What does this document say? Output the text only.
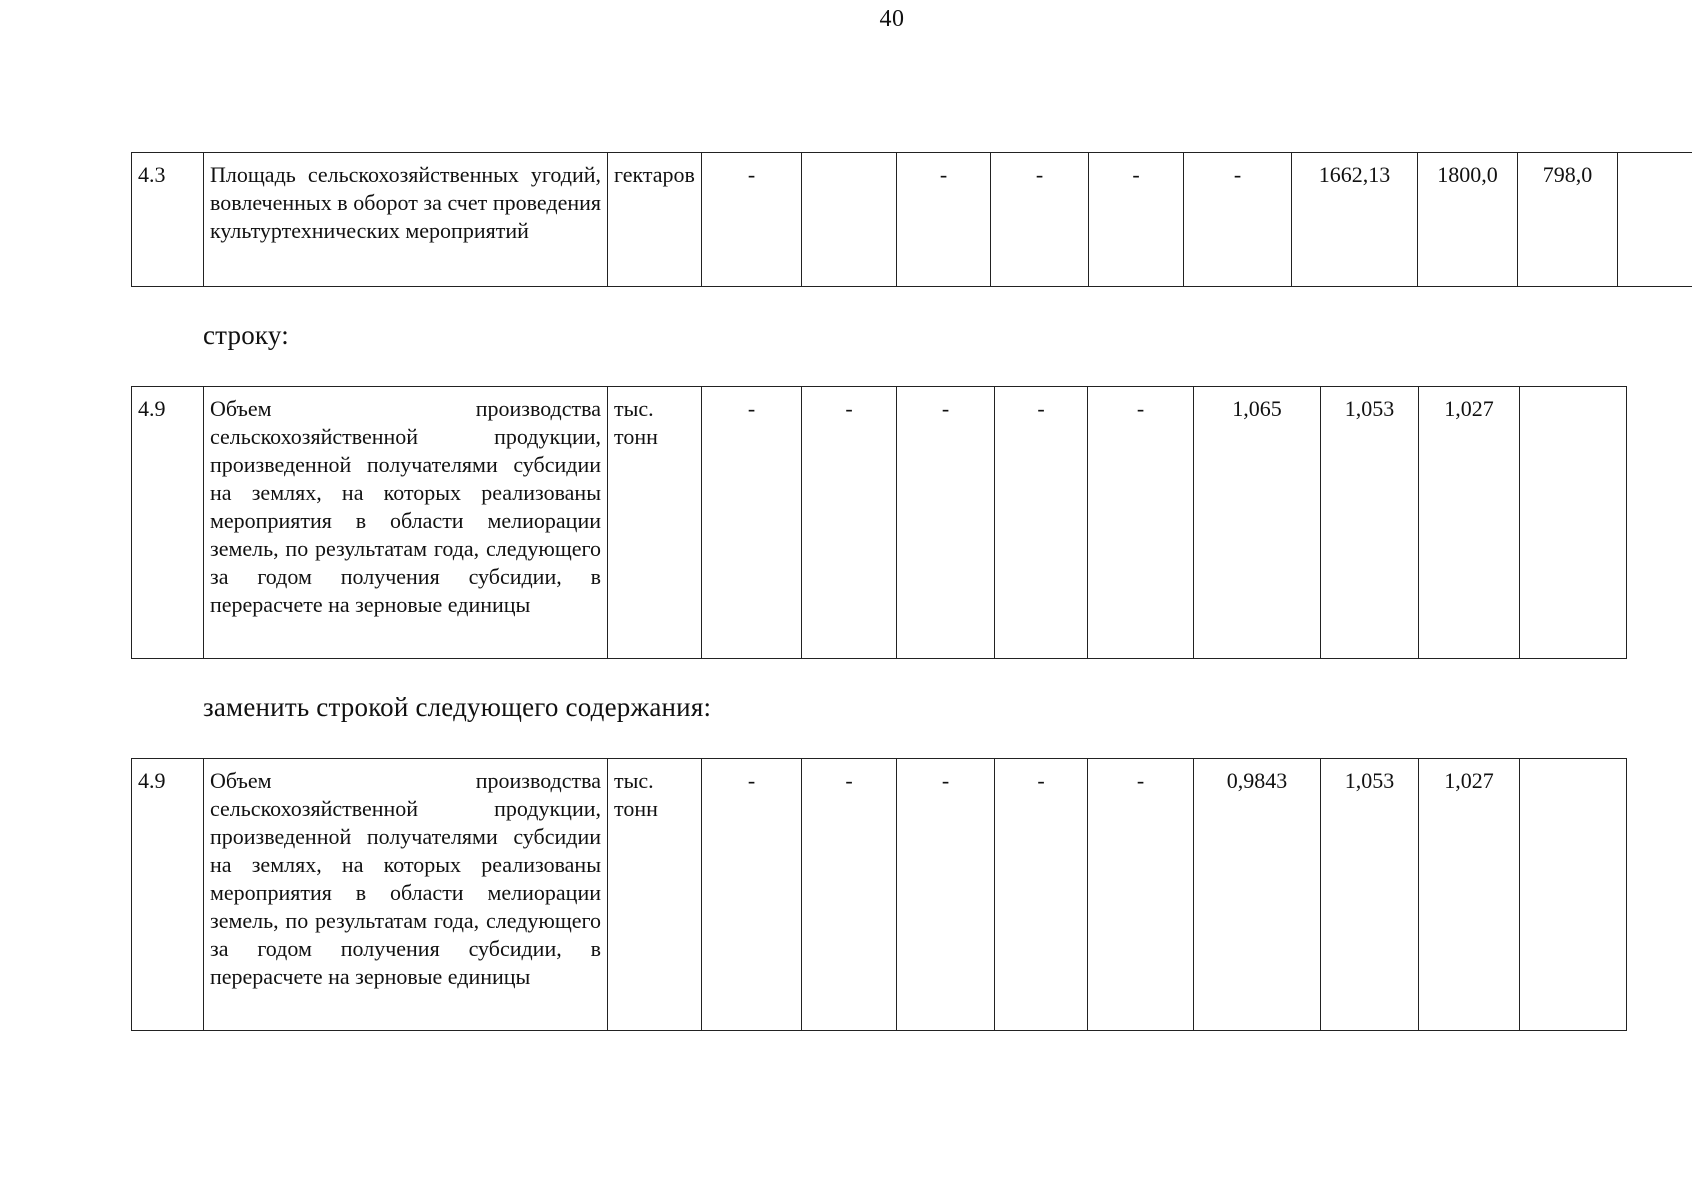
40
4.3	Площадь сельскохозяйственных угодий, вовлеченных в оборот за счет проведения культуртехнических мероприятий	гектаров	-		-	-	-	-	1662,13	1800,0	798,0	
строку:
4.9	Объем производства сельскохозяйственной продукции, произведенной получателями субсидии на землях, на которых реализованы мероприятия в области мелиорации земель, по результатам года, следующего за годом получения субсидии, в перерасчете на зерновые единицы	тыс. тонн	-	-	-	-	-	1,065	1,053	1,027	
заменить строкой следующего содержания:
4.9	Объем производства сельскохозяйственной продукции, произведенной получателями субсидии на землях, на которых реализованы мероприятия в области мелиорации земель, по результатам года, следующего за годом получения субсидии, в перерасчете на зерновые единицы	тыс. тонн	-	-	-	-	-	0,9843	1,053	1,027	
